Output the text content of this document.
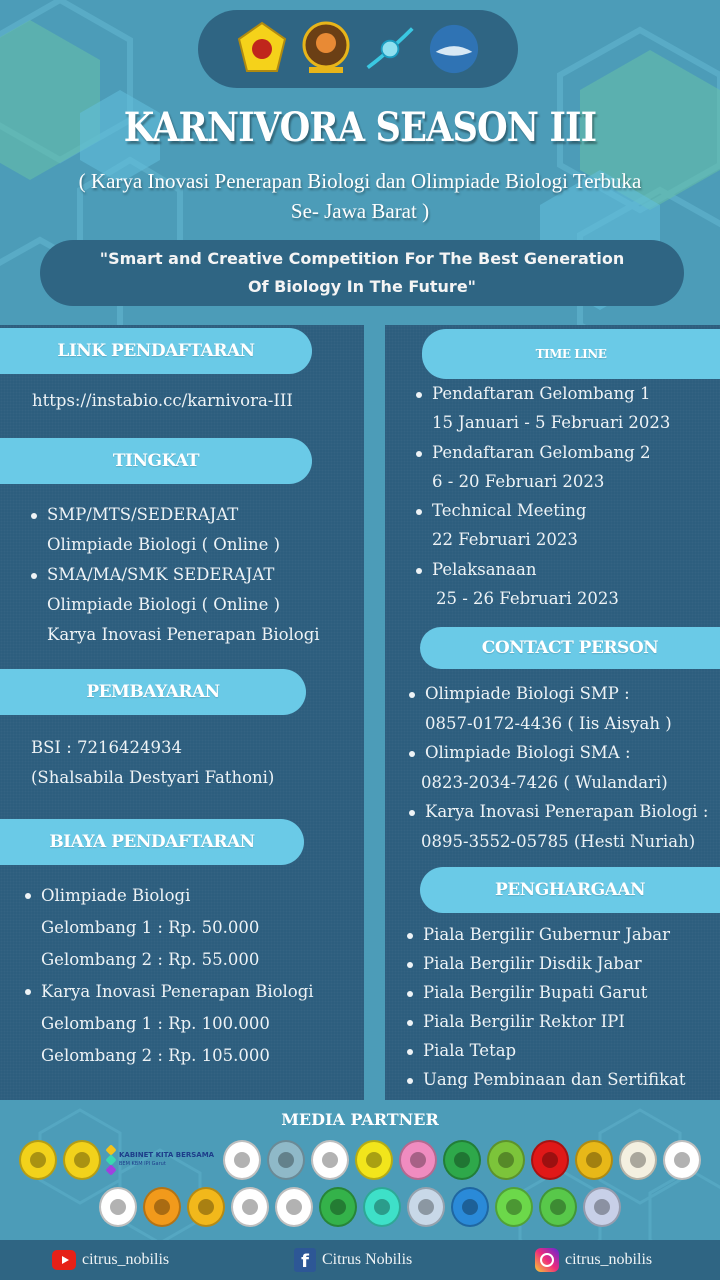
KARNIVORA SEASON III
( Karya Inovasi Penerapan Biologi dan Olimpiade Biologi Terbuka
Se- Jawa Barat )
"Smart and Creative Competition For The Best Generation
Of Biology In The Future"
LINK PENDAFTARAN
https://instabio.cc/karnivora-III
TINGKAT
SMP/MTS/SEDERAJAT
Olimpiade Biologi ( Online )
SMA/MA/SMK SEDERAJAT
Olimpiade Biologi ( Online )
Karya Inovasi Penerapan Biologi
PEMBAYARAN
BSI : 7216424934
(Shalsabila Destyari Fathoni)
BIAYA PENDAFTARAN
Olimpiade Biologi
Gelombang 1 : Rp. 50.000
Gelombang 2 : Rp. 55.000
Karya Inovasi Penerapan Biologi
Gelombang 1 : Rp. 100.000
Gelombang 2 : Rp. 105.000
TIME LINE
Pendaftaran Gelombang 1
15 Januari - 5 Februari 2023
Pendaftaran Gelombang 2
6 - 20 Februari 2023
Technical Meeting
22 Februari 2023
Pelaksanaan
25 - 26 Februari 2023
CONTACT PERSON
Olimpiade Biologi SMP :
0857-0172-4436 ( Iis Aisyah )
Olimpiade Biologi SMA :
0823-2034-7426 ( Wulandari)
Karya Inovasi Penerapan Biologi :
0895-3552-05785 (Hesti Nuriah)
PENGHARGAAN
Piala Bergilir Gubernur Jabar
Piala Bergilir Disdik Jabar
Piala Bergilir Bupati Garut
Piala Bergilir Rektor IPI
Piala Tetap
Uang Pembinaan dan Sertifikat
MEDIA PARTNER
KABINET KITA BERSAMA
BEM KBM IPI Garut
citrus_nobilis	f Citrus Nobilis	citrus_nobilis
